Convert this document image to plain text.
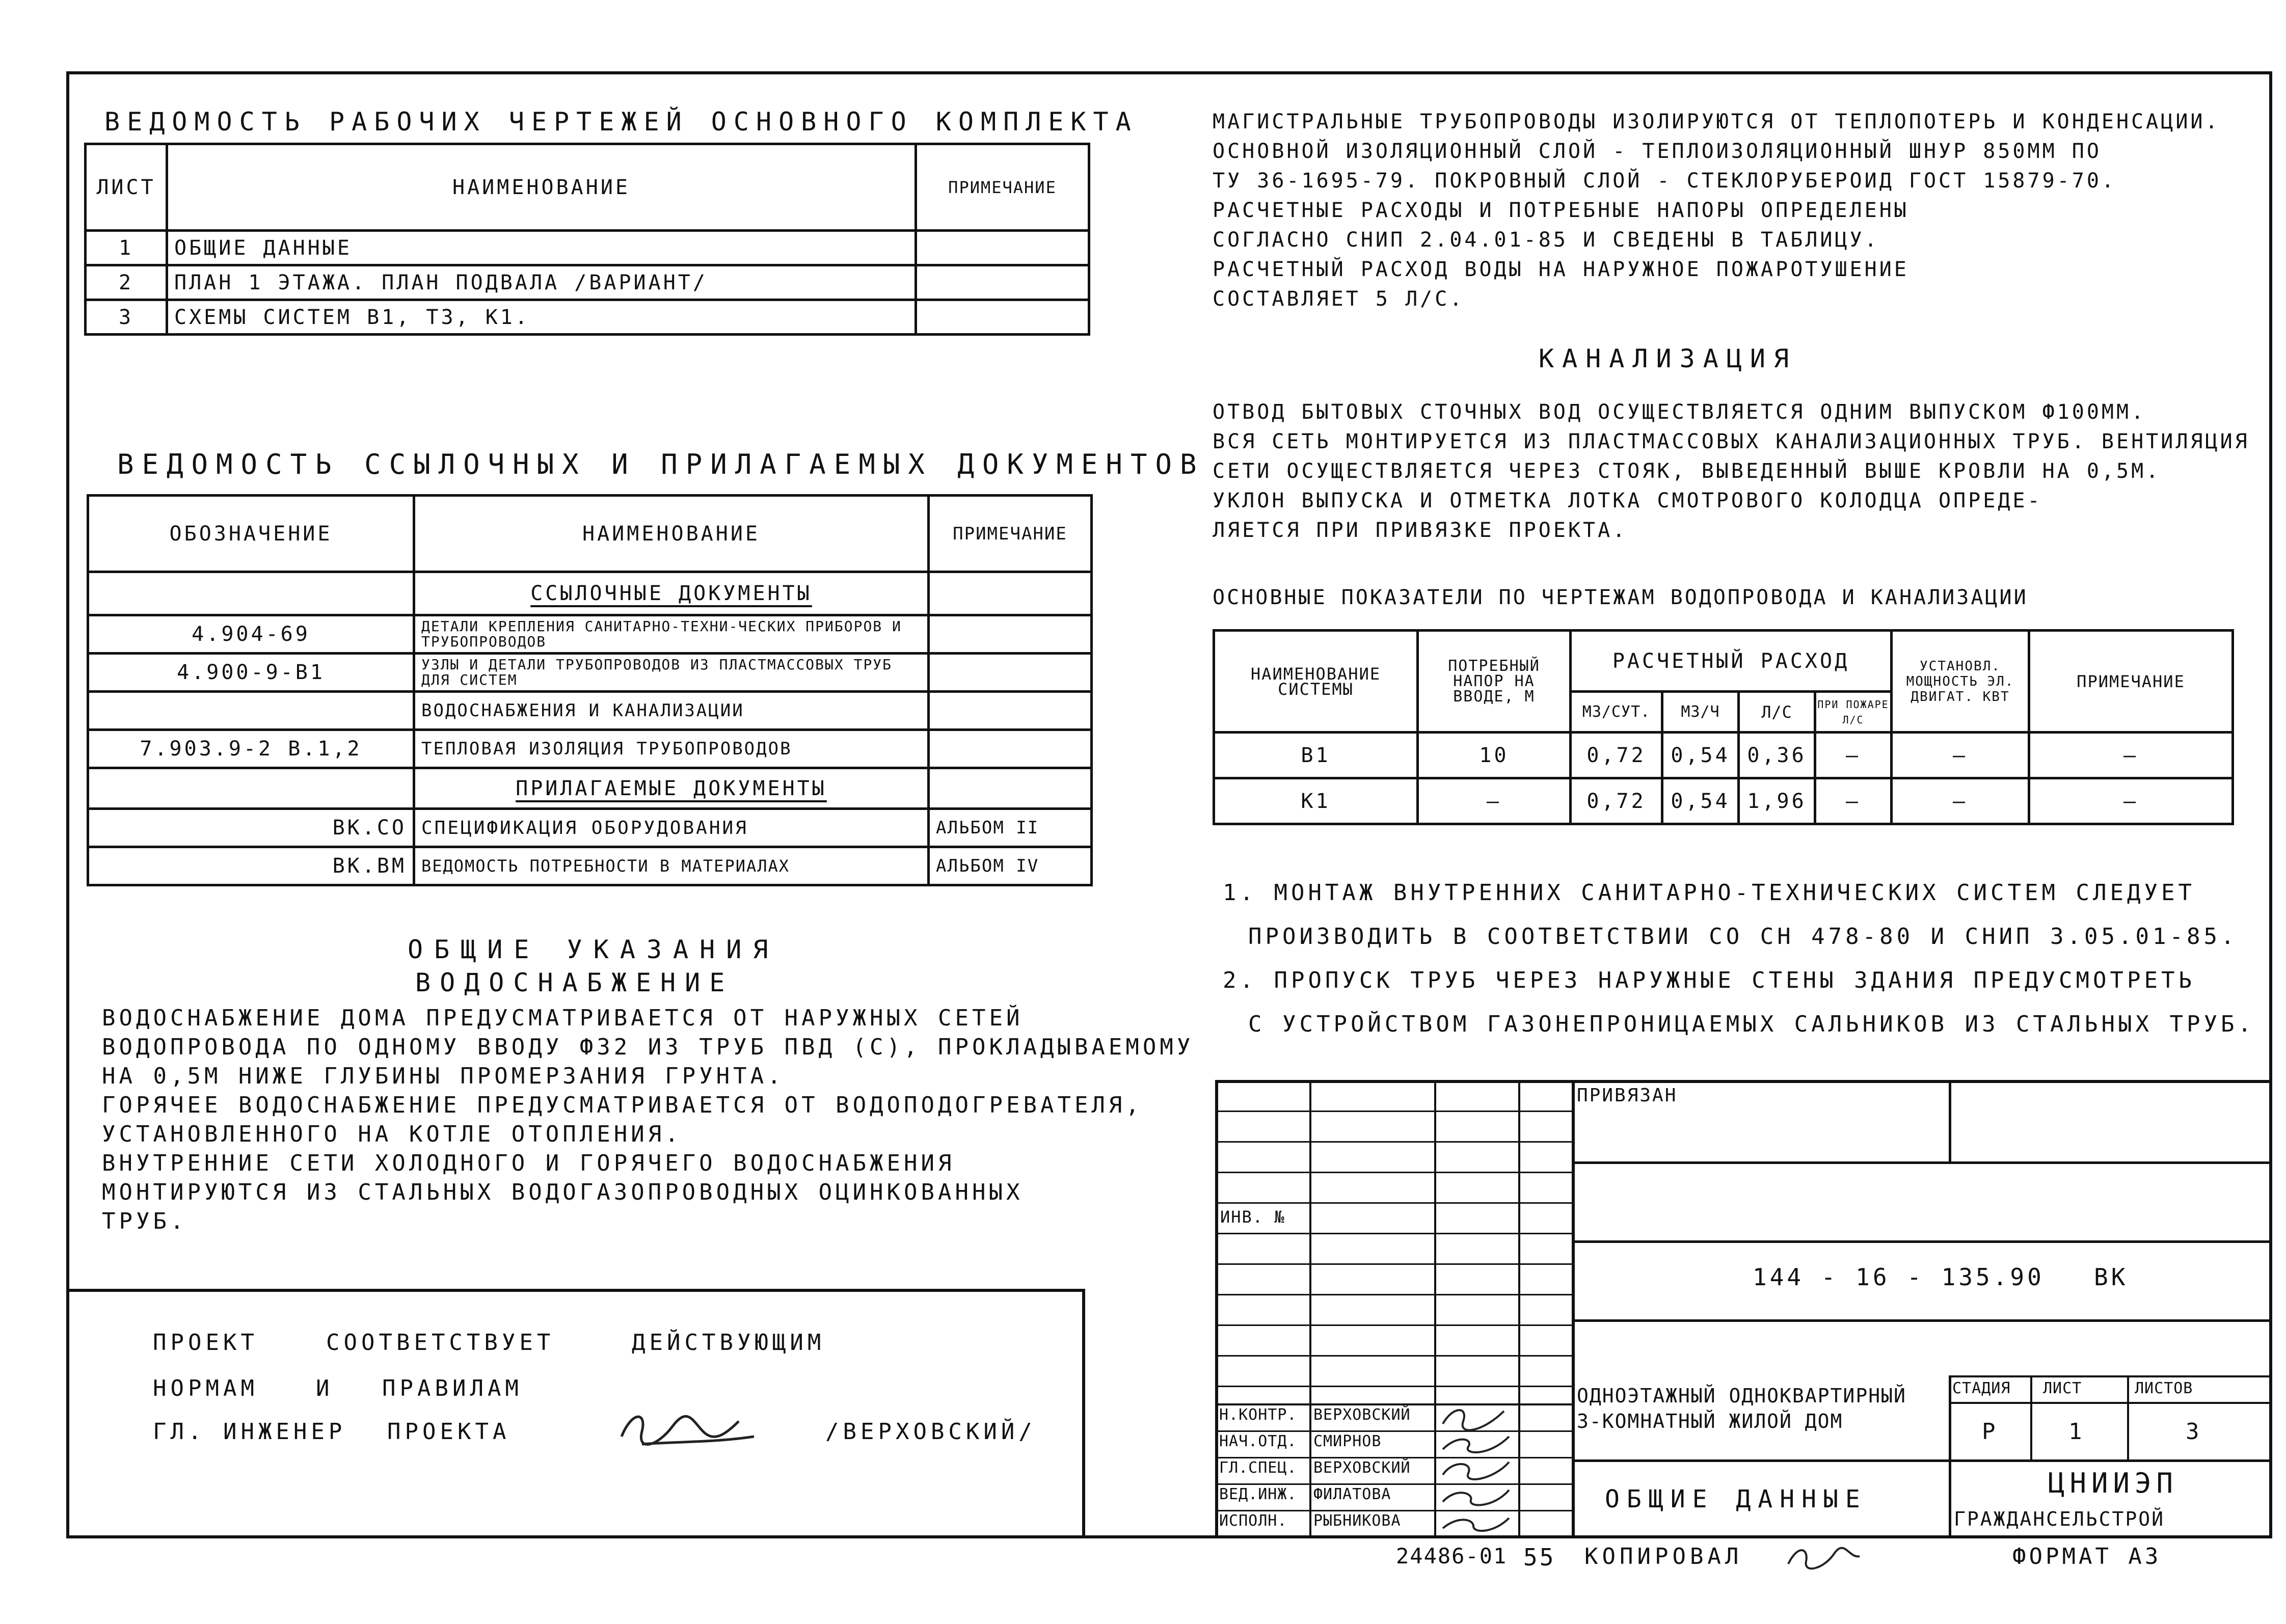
ВЕДОМОСТЬ РАБОЧИХ ЧЕРТЕЖЕЙ ОСНОВНОГО КОМПЛЕКТА
ЛИСТ	НАИМЕНОВАНИЕ	ПРИМЕЧАНИЕ
1	ОБЩИЕ ДАННЫЕ	
2	ПЛАН 1 ЭТАЖА. ПЛАН ПОДВАЛА /ВАРИАНТ/	
3	СХЕМЫ СИСТЕМ В1, Т3, К1.	
ВЕДОМОСТЬ ССЫЛОЧНЫХ И ПРИЛАГАЕМЫХ ДОКУМЕНТОВ
ОБОЗНАЧЕНИЕ	НАИМЕНОВАНИЕ	ПРИМЕЧАНИЕ
	ССЫЛОЧНЫЕ ДОКУМЕНТЫ	
4.904-69	ДЕТАЛИ КРЕПЛЕНИЯ САНИТАРНО-ТЕХНИ-ЧЕСКИХ ПРИБОРОВ И ТРУБОПРОВОДОВ	
4.900-9-В1	УЗЛЫ И ДЕТАЛИ ТРУБОПРОВОДОВ ИЗ ПЛАСТМАССОВЫХ ТРУБ ДЛЯ СИСТЕМ	
	ВОДОСНАБЖЕНИЯ И КАНАЛИЗАЦИИ	
7.903.9-2 В.1,2	ТЕПЛОВАЯ ИЗОЛЯЦИЯ ТРУБОПРОВОДОВ	
	ПРИЛАГАЕМЫЕ ДОКУМЕНТЫ	
ВК.СО	СПЕЦИФИКАЦИЯ ОБОРУДОВАНИЯ	АЛЬБОМ II
ВК.ВМ	ВЕДОМОСТЬ ПОТРЕБНОСТИ В МАТЕРИАЛАХ	АЛЬБОМ IV
ОБЩИЕ УКАЗАНИЯ
ВОДОСНАБЖЕНИЕ
ВОДОСНАБЖЕНИЕ ДОМА ПРЕДУСМАТРИВАЕТСЯ ОТ НАРУЖНЫХ СЕТЕЙ
ВОДОПРОВОДА ПО ОДНОМУ ВВОДУ Ф32 ИЗ ТРУБ ПВД (С), ПРОКЛАДЫВАЕМОМУ
НА 0,5М НИЖЕ ГЛУБИНЫ ПРОМЕРЗАНИЯ ГРУНТА.
ГОРЯЧЕЕ ВОДОСНАБЖЕНИЕ ПРЕДУСМАТРИВАЕТСЯ ОТ ВОДОПОДОГРЕВАТЕЛЯ,
УСТАНОВЛЕННОГО НА КОТЛЕ ОТОПЛЕНИЯ.
ВНУТРЕННИЕ СЕТИ ХОЛОДНОГО И ГОРЯЧЕГО ВОДОСНАБЖЕНИЯ
МОНТИРУЮТСЯ ИЗ СТАЛЬНЫХ ВОДОГАЗОПРОВОДНЫХ ОЦИНКОВАННЫХ
ТРУБ.
ПРОЕКТ	СООТВЕТСТВУЕТ	ДЕЙСТВУЮЩИМ
НОРМАМ	И ПРАВИЛАМ
ГЛ. ИНЖЕНЕР ПРОЕКТА	/ВЕРХОВСКИЙ/
МАГИСТРАЛЬНЫЕ ТРУБОПРОВОДЫ ИЗОЛИРУЮТСЯ ОТ ТЕПЛОПОТЕРЬ И КОНДЕНСАЦИИ.
ОСНОВНОЙ ИЗОЛЯЦИОННЫЙ СЛОЙ - ТЕПЛОИЗОЛЯЦИОННЫЙ ШНУР 850ММ ПО
ТУ 36-1695-79. ПОКРОВНЫЙ СЛОЙ - СТЕКЛОРУБЕРОИД ГОСТ 15879-70.
РАСЧЕТНЫЕ РАСХОДЫ И ПОТРЕБНЫЕ НАПОРЫ ОПРЕДЕЛЕНЫ
СОГЛАСНО СНИП 2.04.01-85 И СВЕДЕНЫ В ТАБЛИЦУ.
РАСЧЕТНЫЙ РАСХОД ВОДЫ НА НАРУЖНОЕ ПОЖАРОТУШЕНИЕ
СОСТАВЛЯЕТ 5 Л/С.
КАНАЛИЗАЦИЯ
ОТВОД БЫТОВЫХ СТОЧНЫХ ВОД ОСУЩЕСТВЛЯЕТСЯ ОДНИМ ВЫПУСКОМ Ф100ММ.
ВСЯ СЕТЬ МОНТИРУЕТСЯ ИЗ ПЛАСТМАССОВЫХ КАНАЛИЗАЦИОННЫХ ТРУБ. ВЕНТИЛЯЦИЯ
СЕТИ ОСУЩЕСТВЛЯЕТСЯ ЧЕРЕЗ СТОЯК, ВЫВЕДЕННЫЙ ВЫШЕ КРОВЛИ НА 0,5М.
УКЛОН ВЫПУСКА И ОТМЕТКА ЛОТКА СМОТРОВОГО КОЛОДЦА ОПРЕДЕ-
ЛЯЕТСЯ ПРИ ПРИВЯЗКЕ ПРОЕКТА.
ОСНОВНЫЕ ПОКАЗАТЕЛИ ПО ЧЕРТЕЖАМ ВОДОПРОВОДА И КАНАЛИЗАЦИИ
НАИМЕНОВАНИЕ СИСТЕМЫ	ПОТРЕБНЫЙ НАПОР НА ВВОДЕ, М	РАСЧЕТНЫЙ РАСХОД				УСТАНОВЛ. МОЩНОСТЬ ЭЛ. ДВИГАТ. КВТ	ПРИМЕЧАНИЕ
		М3/СУТ.	М3/Ч	Л/С	ПРИ ПОЖАРЕ Л/С		
В1	10	0,72	0,54	0,36	—	—	—
К1	—	0,72	0,54	1,96	—	—	—
1. МОНТАЖ ВНУТРЕННИХ САНИТАРНО-ТЕХНИЧЕСКИХ СИСТЕМ СЛЕДУЕТ
ПРОИЗВОДИТЬ В СООТВЕТСТВИИ СО СН 478-80 И СНИП 3.05.01-85.
2. ПРОПУСК ТРУБ ЧЕРЕЗ НАРУЖНЫЕ СТЕНЫ ЗДАНИЯ ПРЕДУСМОТРЕТЬ
С УСТРОЙСТВОМ ГАЗОНЕПРОНИЦАЕМЫХ САЛЬНИКОВ ИЗ СТАЛЬНЫХ ТРУБ.
ПРИВЯЗАН
ИНВ. №
144 - 16 - 135.90 ВК
ОДНОЭТАЖНЫЙ ОДНОКВАРТИРНЫЙ 3-КОМНАТНЫЙ ЖИЛОЙ ДОМ
ОБЩИЕ ДАННЫЕ
СТАДИЯ ЛИСТ	ЛИСТОВ
Р	1	3
ЦНИИЭП
ГРАЖДАНСЕЛЬСТРОЙ
Н.КОНТР. ВЕРХОВСКИЙ
НАЧ.ОТД. СМИРНОВ
ГЛ.СПЕЦ. ВЕРХОВСКИЙ
ВЕД.ИНЖ. ФИЛАТОВА
ИСПОЛН. РЫБНИКОВА
24486-01 55 КОПИРОВАЛ	ФОРМАТ А3
